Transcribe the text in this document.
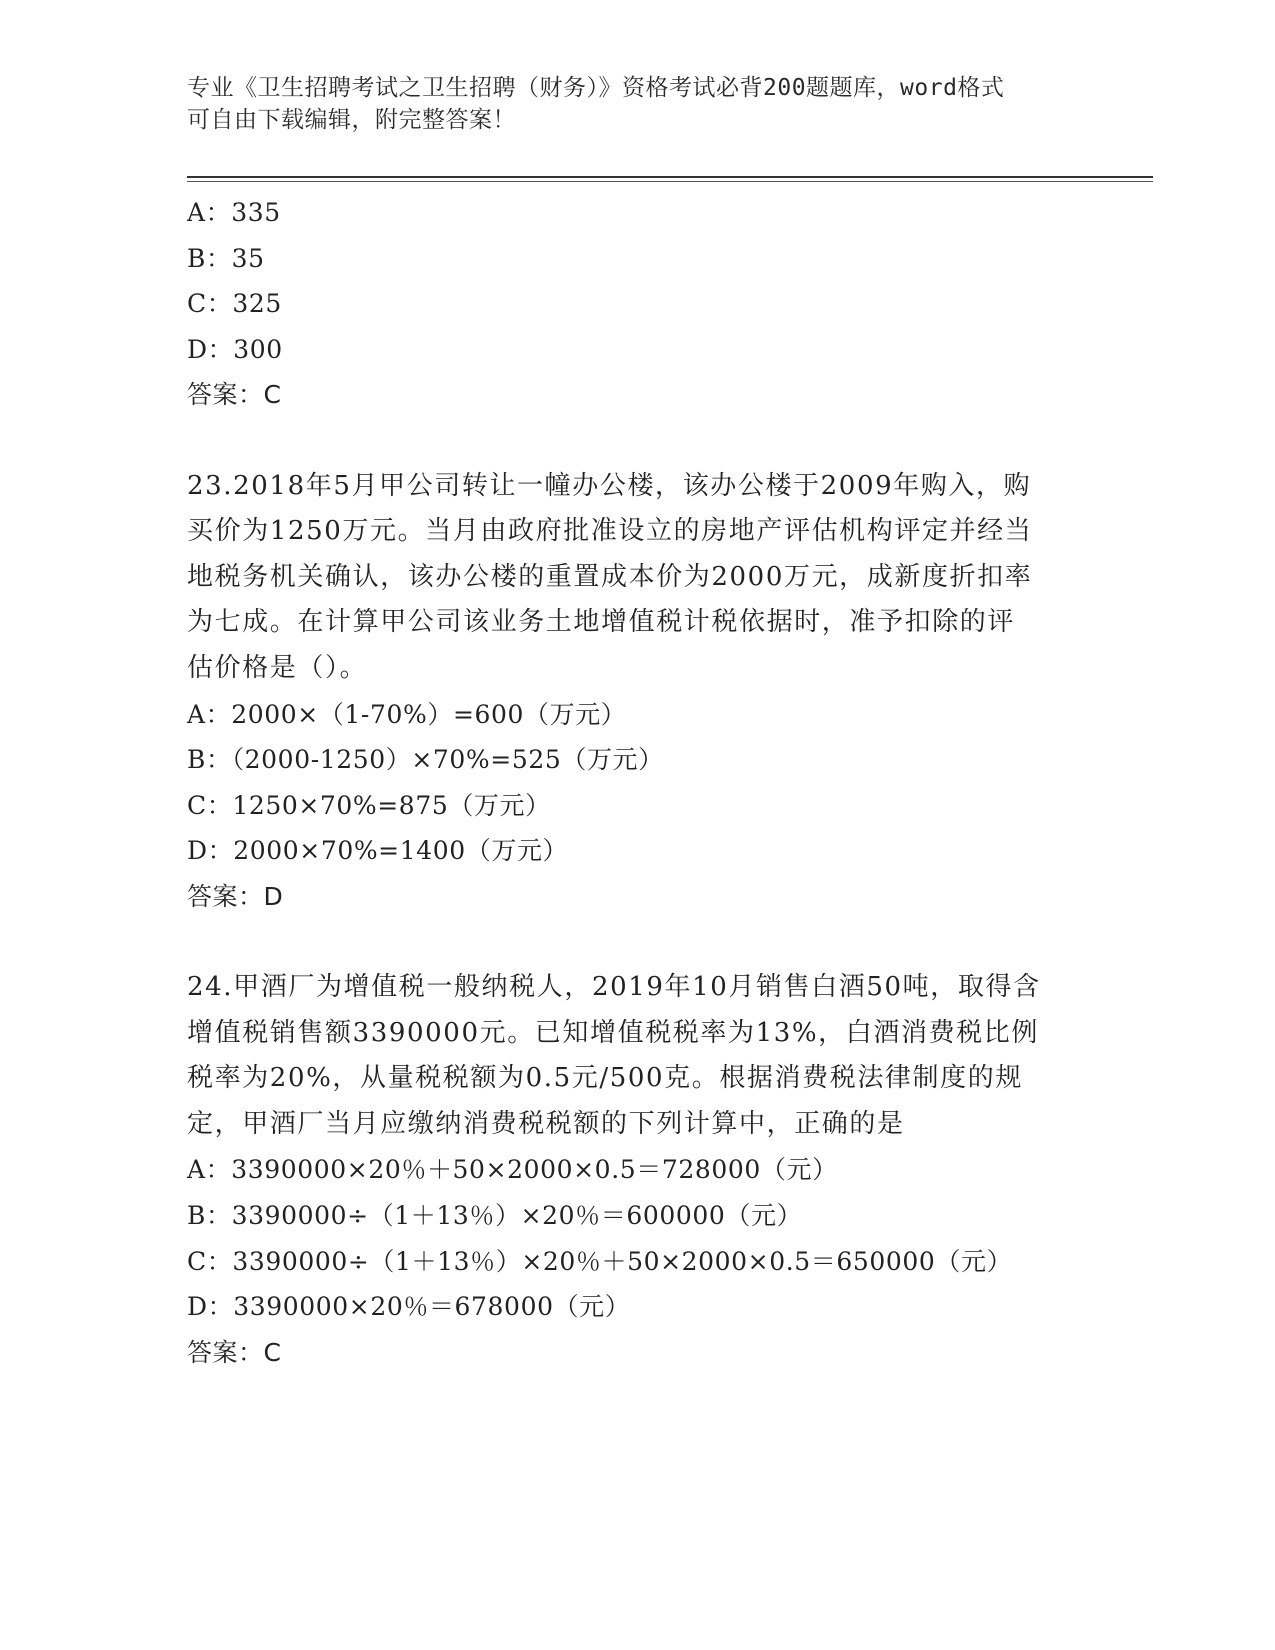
专业《卫生招聘考试之卫生招聘（财务）》资格考试必背200题题库，word格式
可自由下载编辑，附完整答案！
A：335
B：35
C：325
D：300
答案：C
23.2018年5月甲公司转让一幢办公楼，该办公楼于2009年购入，购
买价为1250万元。当月由政府批准设立的房地产评估机构评定并经当
地税务机关确认，该办公楼的重置成本价为2000万元，成新度折扣率
为七成。在计算甲公司该业务土地增值税计税依据时，准予扣除的评
估价格是（）。
A：2000×（1-70%）=600（万元）
B：（2000-1250）×70%=525（万元）
C：1250×70%=875（万元）
D：2000×70%=1400（万元）
答案：D
24.甲酒厂为增值税一般纳税人，2019年10月销售白酒50吨，取得含
增值税销售额3390000元。已知增值税税率为13%，白酒消费税比例
税率为20%，从量税税额为0.5元/500克。根据消费税法律制度的规
定，甲酒厂当月应缴纳消费税税额的下列计算中，正确的是
A：3390000×20％＋50×2000×0.5＝728000（元）
B：3390000÷（1＋13％）×20％＝600000（元）
C：3390000÷（1＋13％）×20％＋50×2000×0.5＝650000（元）
D：3390000×20％＝678000（元）
答案：C
